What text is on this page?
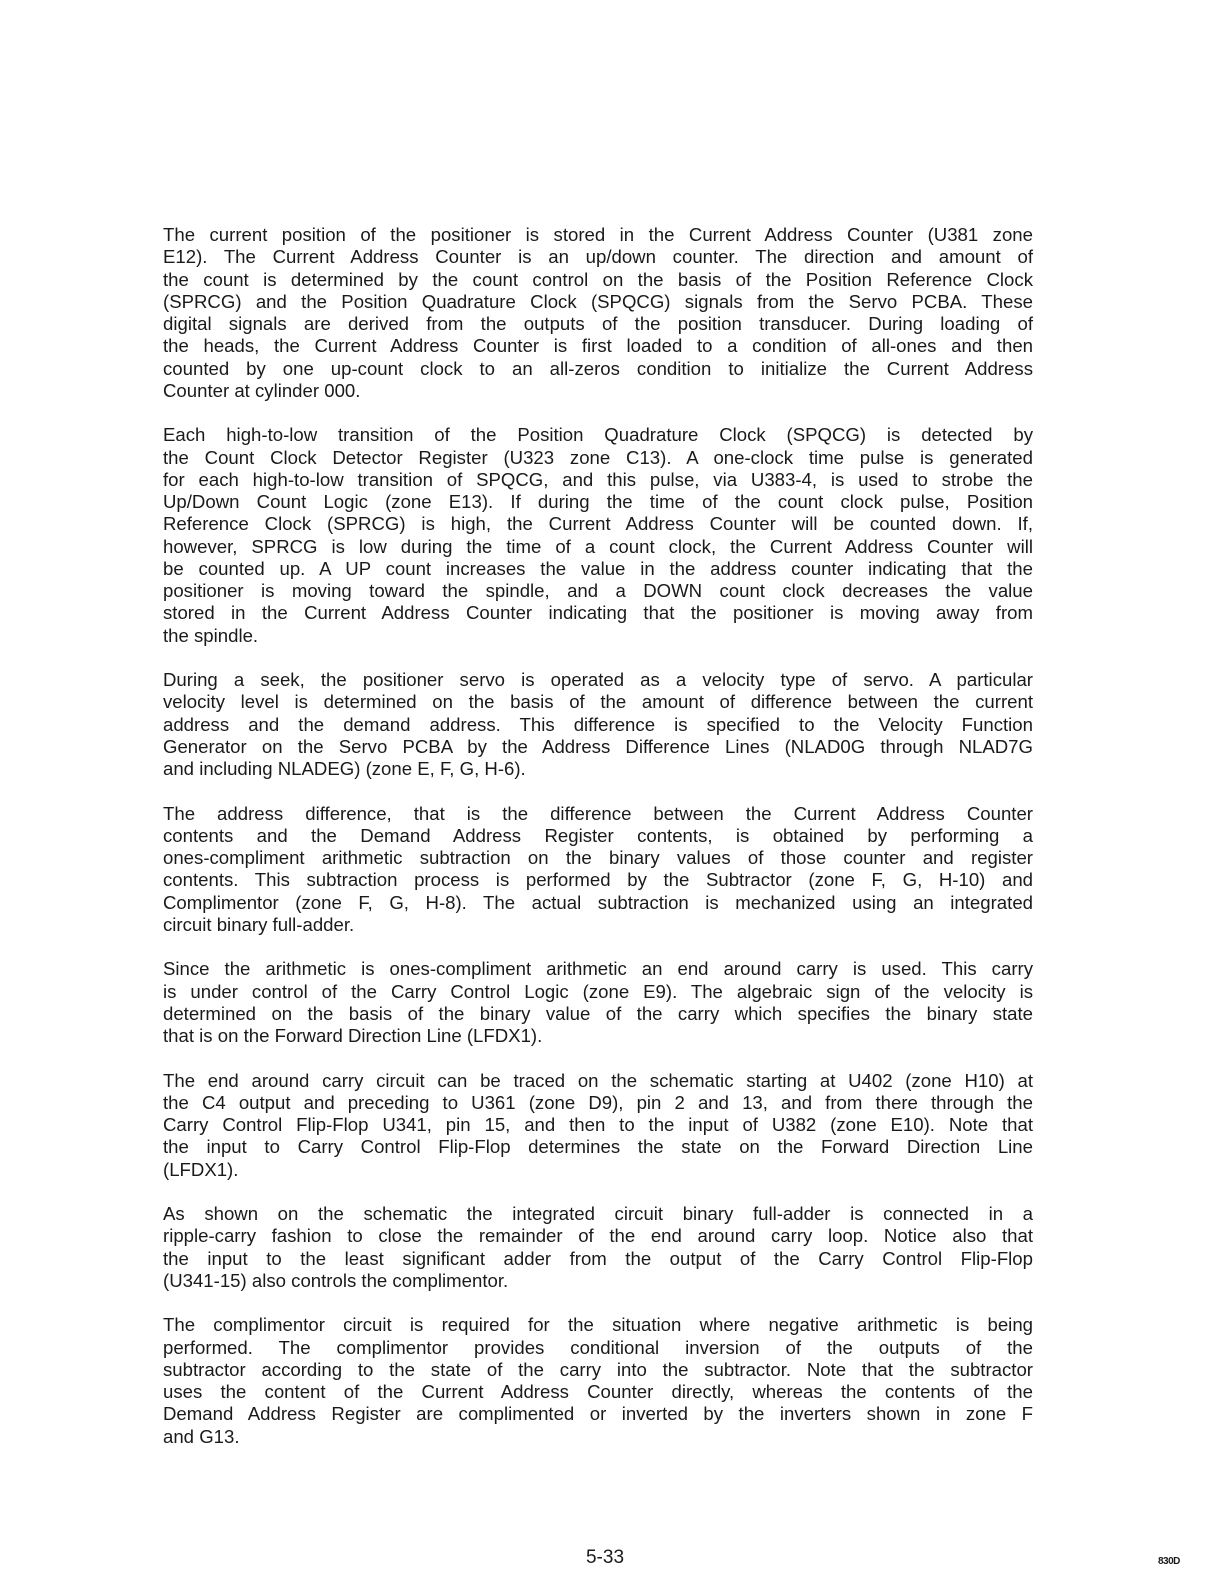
The current position of the positioner is stored in the Current Address Counter (U381 zone
E12). The Current Address Counter is an up/down counter. The direction and amount of
the count is determined by the count control on the basis of the Position Reference Clock
(SPRCG) and the Position Quadrature Clock (SPQCG) signals from the Servo PCBA. These
digital signals are derived from the outputs of the position transducer. During loading of
the heads, the Current Address Counter is first loaded to a condition of all-ones and then
counted by one up-count clock to an all-zeros condition to initialize the Current Address
Counter at cylinder 000.

Each high-to-low transition of the Position Quadrature Clock (SPQCG) is detected by
the Count Clock Detector Register (U323 zone C13). A one-clock time pulse is generated
for each high-to-low transition of SPQCG, and this pulse, via U383-4, is used to strobe the
Up/Down Count Logic (zone E13). If during the time of the count clock pulse, Position
Reference Clock (SPRCG) is high, the Current Address Counter will be counted down. If,
however, SPRCG is low during the time of a count clock, the Current Address Counter will
be counted up. A UP count increases the value in the address counter indicating that the
positioner is moving toward the spindle, and a DOWN count clock decreases the value
stored in the Current Address Counter indicating that the positioner is moving away from
the spindle.

During a seek, the positioner servo is operated as a velocity type of servo. A particular
velocity level is determined on the basis of the amount of difference between the current
address and the demand address. This difference is specified to the Velocity Function
Generator on the Servo PCBA by the Address Difference Lines (NLAD0G through NLAD7G
and including NLADEG) (zone E, F, G, H-6).

The address difference, that is the difference between the Current Address Counter
contents and the Demand Address Register contents, is obtained by performing a
ones-compliment arithmetic subtraction on the binary values of those counter and register
contents. This subtraction process is performed by the Subtractor (zone F, G, H-10) and
Complimentor (zone F, G, H-8). The actual subtraction is mechanized using an integrated
circuit binary full-adder.

Since the arithmetic is ones-compliment arithmetic an end around carry is used. This carry
is under control of the Carry Control Logic (zone E9). The algebraic sign of the velocity is
determined on the basis of the binary value of the carry which specifies the binary state
that is on the Forward Direction Line (LFDX1).

The end around carry circuit can be traced on the schematic starting at U402 (zone H10) at
the C4 output and preceding to U361 (zone D9), pin 2 and 13, and from there through the
Carry Control Flip-Flop U341, pin 15, and then to the input of U382 (zone E10). Note that
the input to Carry Control Flip-Flop determines the state on the Forward Direction Line
(LFDX1).

As shown on the schematic the integrated circuit binary full-adder is connected in a
ripple-carry fashion to close the remainder of the end around carry loop. Notice also that
the input to the least significant adder from the output of the Carry Control Flip-Flop
(U341-15) also controls the complimentor.

The complimentor circuit is required for the situation where negative arithmetic is being
performed. The complimentor provides conditional inversion of the outputs of the
subtractor according to the state of the carry into the subtractor. Note that the subtractor
uses the content of the Current Address Counter directly, whereas the contents of the
Demand Address Register are complimented or inverted by the inverters shown in zone F
and G13.

5-33	830D
